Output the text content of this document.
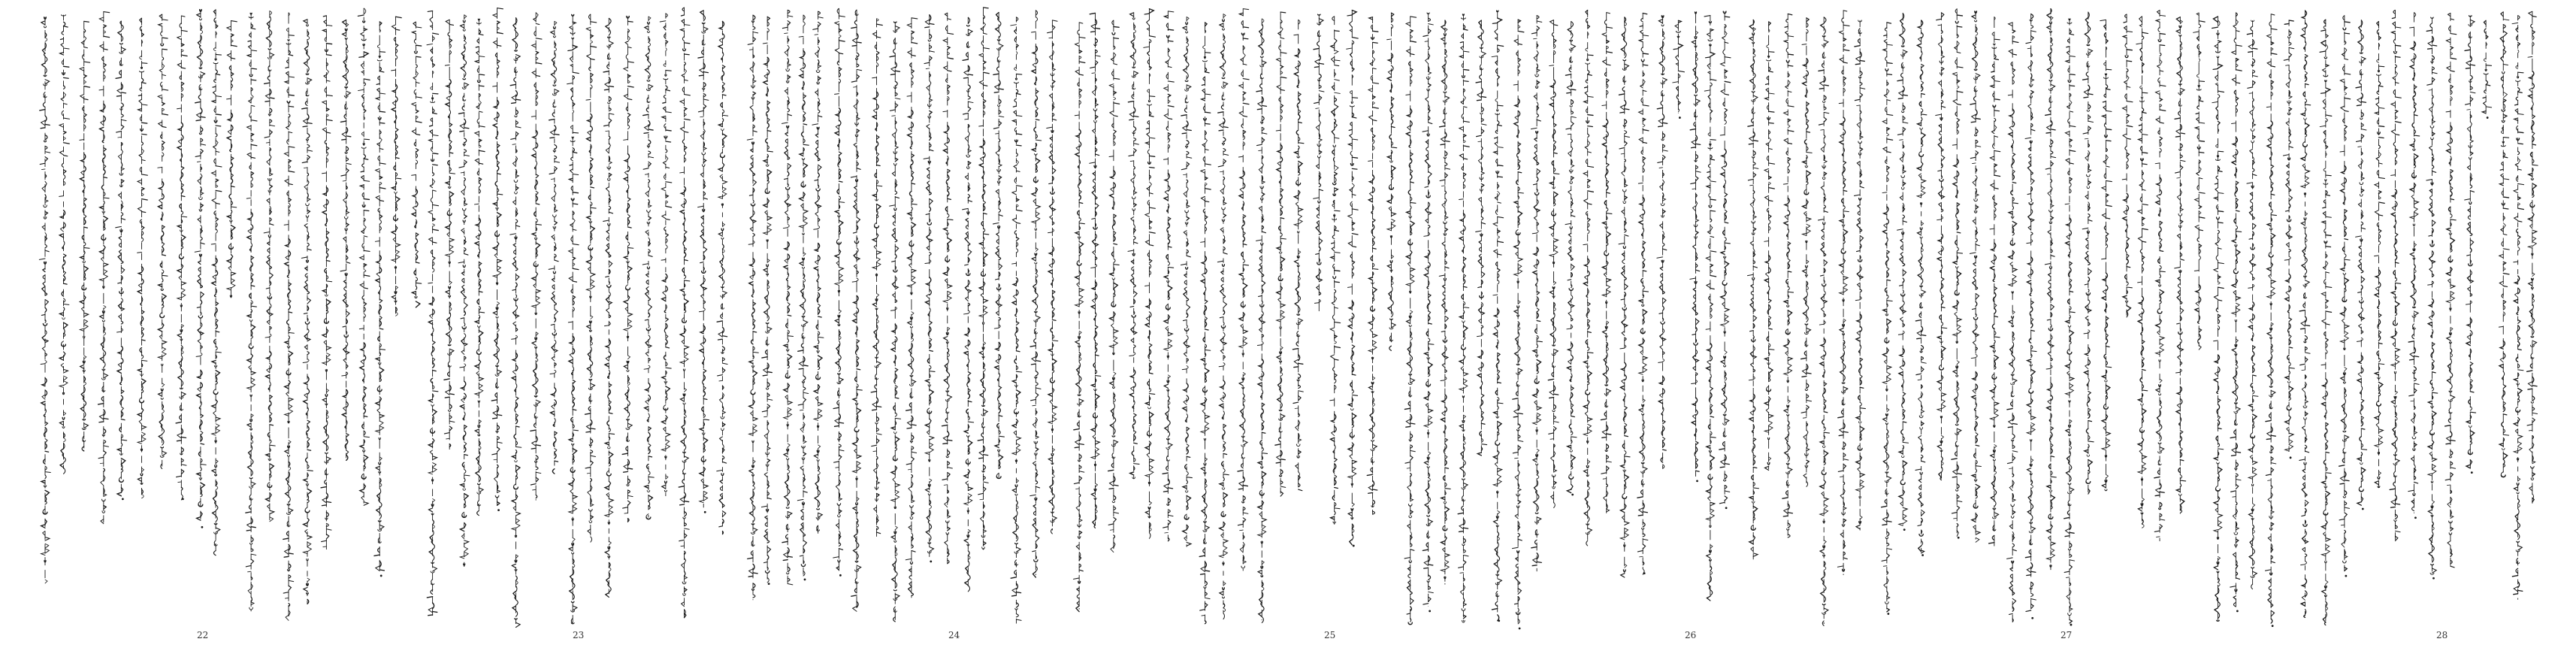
22	23	24	25	26	27	28
